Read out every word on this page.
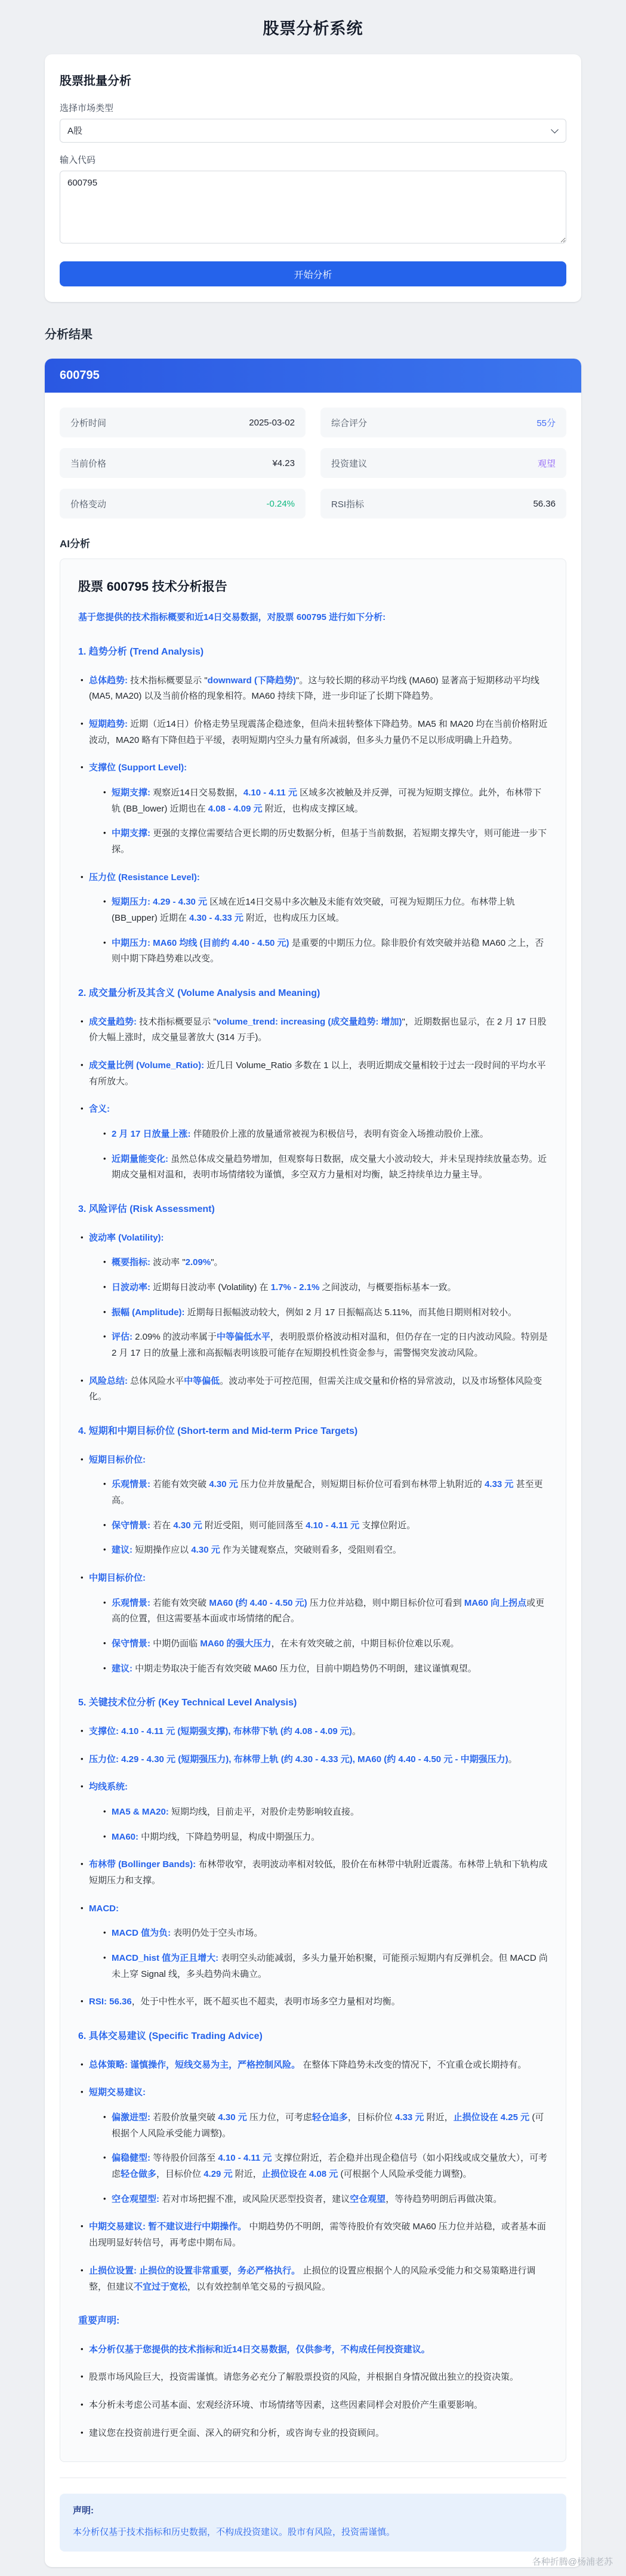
股票分析系统
股票批量分析
选择市场类型
A股
输入代码
600795
开始分析
分析结果
600795
分析时间	2025-03-02	综合评分	55分
当前价格	¥4.23	投资建议	观望
价格变动	-0.24%	RSI指标	56.36
AI分析
股票 600795 技术分析报告
基于您提供的技术指标概要和近14日交易数据，对股票 600795 进行如下分析:
1. 趋势分析 (Trend Analysis)
• 总体趋势: 技术指标概要显示 "downward (下降趋势)"。这与较长期的移动平均线 (MA60) 显著高于短期移动平均线 (MA5, MA20) 以及当前价格的现象相符。MA60 持续下降，进一步印证了长期下降趋势。
• 短期趋势: 近期（近14日）价格走势呈现震荡企稳迹象，但尚未扭转整体下降趋势。MA5 和 MA20 均在当前价格附近波动，MA20 略有下降但趋于平缓，表明短期内空头力量有所减弱，但多头力量仍不足以形成明确上升趋势。
• 支撑位 (Support Level):
• 短期支撑: 观察近14日交易数据，4.10 - 4.11 元 区域多次被触及并反弹，可视为短期支撑位。此外，布林带下轨 (BB_lower) 近期也在 4.08 - 4.09 元 附近，也构成支撑区域。
• 中期支撑: 更强的支撑位需要结合更长期的历史数据分析，但基于当前数据，若短期支撑失守，则可能进一步下探。
• 压力位 (Resistance Level):
• 短期压力: 4.29 - 4.30 元 区域在近14日交易中多次触及未能有效突破，可视为短期压力位。布林带上轨 (BB_upper) 近期在 4.30 - 4.33 元 附近，也构成压力区域。
• 中期压力: MA60 均线 (目前约 4.40 - 4.50 元) 是重要的中期压力位。除非股价有效突破并站稳 MA60 之上，否则中期下降趋势难以改变。
2. 成交量分析及其含义 (Volume Analysis and Meaning)
• 成交量趋势: 技术指标概要显示 "volume_trend: increasing (成交量趋势: 增加)"，近期数据也显示，在 2 月 17 日股价大幅上涨时，成交量显著放大 (314 万手)。
• 成交量比例 (Volume_Ratio): 近几日 Volume_Ratio 多数在 1 以上，表明近期成交量相较于过去一段时间的平均水平有所放大。
• 含义:
• 2 月 17 日放量上涨: 伴随股价上涨的放量通常被视为积极信号，表明有资金入场推动股价上涨。
• 近期量能变化: 虽然总体成交量趋势增加，但观察每日数据，成交量大小波动较大，并未呈现持续放量态势。近期成交量相对温和，表明市场情绪较为谨慎，多空双方力量相对均衡，缺乏持续单边力量主导。
3. 风险评估 (Risk Assessment)
• 波动率 (Volatility):
• 概要指标: 波动率 "2.09%"。
• 日波动率: 近期每日波动率 (Volatility) 在 1.7% - 2.1% 之间波动，与概要指标基本一致。
• 振幅 (Amplitude): 近期每日振幅波动较大，例如 2 月 17 日振幅高达 5.11%，而其他日期则相对较小。
• 评估: 2.09% 的波动率属于中等偏低水平，表明股票价格波动相对温和，但仍存在一定的日内波动风险。特别是 2 月 17 日的放量上涨和高振幅表明该股可能存在短期投机性资金参与，需警惕突发波动风险。
• 风险总结: 总体风险水平中等偏低。波动率处于可控范围，但需关注成交量和价格的异常波动，以及市场整体风险变化。
4. 短期和中期目标价位 (Short-term and Mid-term Price Targets)
• 短期目标价位:
• 乐观情景: 若能有效突破 4.30 元 压力位并放量配合，则短期目标价位可看到布林带上轨附近的 4.33 元 甚至更高。
• 保守情景: 若在 4.30 元 附近受阻，则可能回落至 4.10 - 4.11 元 支撑位附近。
• 建议: 短期操作应以 4.30 元 作为关键观察点，突破则看多，受阻则看空。
• 中期目标价位:
• 乐观情景: 若能有效突破 MA60 (约 4.40 - 4.50 元) 压力位并站稳，则中期目标价位可看到 MA60 向上拐点或更高的位置，但这需要基本面或市场情绪的配合。
• 保守情景: 中期仍面临 MA60 的强大压力，在未有效突破之前，中期目标价位难以乐观。
• 建议: 中期走势取决于能否有效突破 MA60 压力位，目前中期趋势仍不明朗，建议谨慎观望。
5. 关键技术位分析 (Key Technical Level Analysis)
• 支撑位: 4.10 - 4.11 元 (短期强支撑), 布林带下轨 (约 4.08 - 4.09 元)。
• 压力位: 4.29 - 4.30 元 (短期强压力), 布林带上轨 (约 4.30 - 4.33 元), MA60 (约 4.40 - 4.50 元 - 中期强压力)。
• 均线系统:
• MA5 & MA20: 短期均线，目前走平，对股价走势影响较直接。
• MA60: 中期均线，下降趋势明显，构成中期强压力。
• 布林带 (Bollinger Bands): 布林带收窄，表明波动率相对较低，股价在布林带中轨附近震荡。布林带上轨和下轨构成短期压力和支撑。
• MACD:
• MACD 值为负: 表明仍处于空头市场。
• MACD_hist 值为正且增大: 表明空头动能减弱，多头力量开始积聚，可能预示短期内有反弹机会。但 MACD 尚未上穿 Signal 线，多头趋势尚未确立。
• RSI: 56.36，处于中性水平，既不超买也不超卖，表明市场多空力量相对均衡。
6. 具体交易建议 (Specific Trading Advice)
• 总体策略: 谨慎操作，短线交易为主，严格控制风险。 在整体下降趋势未改变的情况下，不宜重仓或长期持有。
• 短期交易建议:
• 偏激进型: 若股价放量突破 4.30 元 压力位，可考虑轻仓追多，目标价位 4.33 元 附近，止损位设在 4.25 元 (可根据个人风险承受能力调整)。
• 偏稳健型: 等待股价回落至 4.10 - 4.11 元 支撑位附近，若企稳并出现企稳信号（如小阳线或成交量放大），可考虑轻仓做多，目标价位 4.29 元 附近，止损位设在 4.08 元 (可根据个人风险承受能力调整)。
• 空仓观望型: 若对市场把握不准，或风险厌恶型投资者，建议空仓观望，等待趋势明朗后再做决策。
• 中期交易建议: 暂不建议进行中期操作。 中期趋势仍不明朗，需等待股价有效突破 MA60 压力位并站稳，或者基本面出现明显好转信号，再考虑中期布局。
• 止损位设置: 止损位的设置非常重要，务必严格执行。 止损位的设置应根据个人的风险承受能力和交易策略进行调整，但建议不宜过于宽松，以有效控制单笔交易的亏损风险。
重要声明:
• 本分析仅基于您提供的技术指标和近14日交易数据，仅供参考，不构成任何投资建议。
• 股票市场风险巨大，投资需谨慎。请您务必充分了解股票投资的风险，并根据自身情况做出独立的投资决策。
• 本分析未考虑公司基本面、宏观经济环境、市场情绪等因素，这些因素同样会对股价产生重要影响。
• 建议您在投资前进行更全面、深入的研究和分析，或咨询专业的投资顾问。
声明:

本分析仅基于技术指标和历史数据，不构成投资建议。股市有风险，投资需谨慎。

各种折腾@杨浦老苏
